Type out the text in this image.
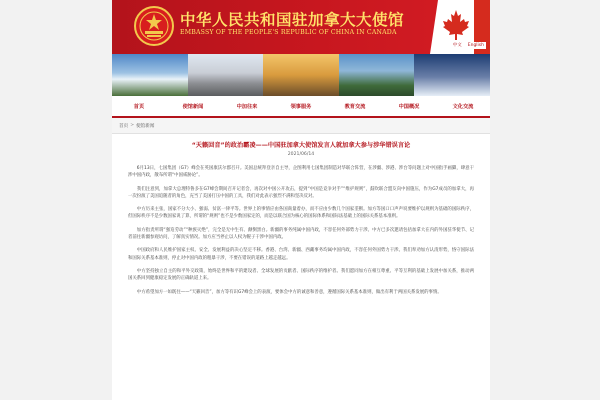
中华人民共和国驻加拿大大使馆
EMBASSY OF THE PEOPLE'S REPUBLIC OF CHINA IN CANADA
中文	English
首页	使馆新闻	中加往来	领事服务	教育交流	中国概况	文化交流
首页 > 使馆新闻
“天籁回音”的政治霸凌——中国驻加拿大使馆发言人就加拿大参与涉华错误言论
2021/06/14

6月13日，七国集团（G7）峰会在英国康沃尔郡召开。美国总统拜登亲自主导，企图利用七国集团制造对华联合阵营，在涉疆、涉港、涉台等问题上对中国指手画脚，肆意干涉中国内政，散布所谓“中国威胁论”。

我们注意到，加拿大总理特鲁多在G7峰会期间召开记者会，再次对中国公开攻击，提到“中国是竞争对手”“维护规则”，鼓吹联合盟友向中国施压，作为G7成员的加拿大，再一次扮演了美国追随者的角色，充当了美国打压中国的工具，我们对此表示强烈不满和坚决反对。

中方历来主张，国家不分大小、强弱、贫富一律平等。世界上的事情应由各国商量着办，而不应由少数几个国家垄断。加方等国口口声声说要维护以规则为基础的国际秩序，但国际秩序不是少数国家说了算，所谓的“规则”也不是少数国家定的，而是以联合国为核心的国际体系和国际法基础上的国际关系基本准则。

加方指责所谓“强迫劳动”“种族灭绝”，完全是无中生有、颠倒黑白。新疆的事务纯属中国内政，不容任何外部势力干涉。中方已多次邀请包括加拿大在内的外国驻华使节、记者前往新疆参观访问，了解真实情况。加方应当停止以人权为幌子干涉中国内政。

中国政府和人民维护国家主权、安全、发展利益的决心坚定不移。香港、台湾、新疆、西藏事务均属中国内政，不容任何外国势力干涉。我们奉劝加方认清形势，恪守国际法和国际关系基本准则，停止对中国内政的粗暴干涉，不要在错误的道路上越走越远。

中方坚持独立自主的和平外交政策，始终是世界和平的建设者、全球发展的贡献者、国际秩序的维护者。我们愿同加方在相互尊重、平等互利的基础上发展中加关系，推动两国关系回到健康稳定发展的正确轨道上来。

中方希望加方一如既往——“天籁回音”，加方等有识G7峰会上的表演，要体会中方的诚意和善意，遵循国际关系基本准则，做出有利于两国关系发展的事情。
